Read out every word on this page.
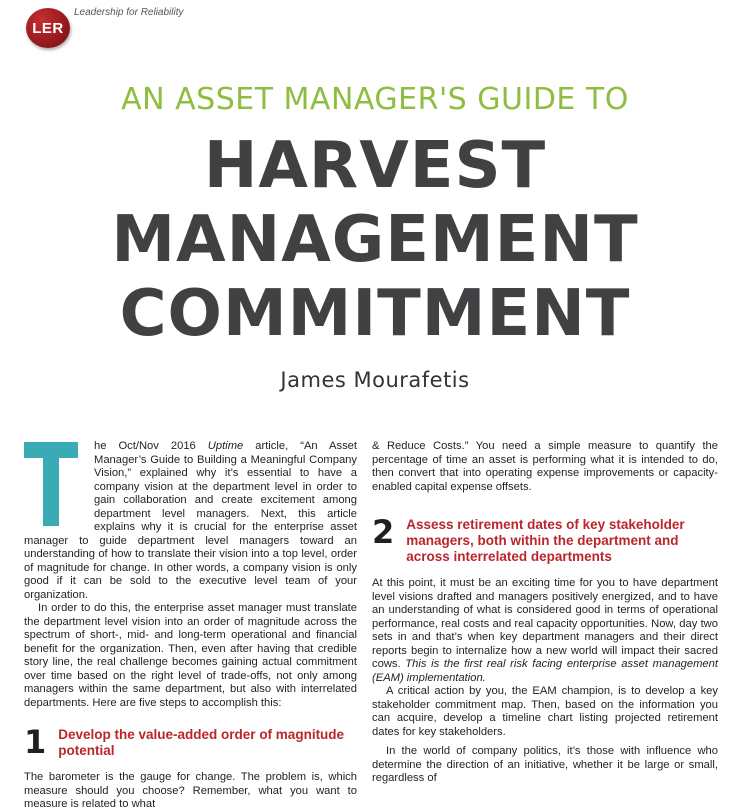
LER
Leadership for Reliability
AN ASSET MANAGER'S GUIDE TO
HARVEST
MANAGEMENT
COMMITMENT
James Mourafetis

he Oct/Nov 2016 Uptime article, “An Asset Manager’s Guide to Building a Meaningful Company Vision,” explained why it’s essential to have a company vision at the department level in order to gain collaboration and create excitement among department level managers. Next, this article explains why it is crucial for the enterprise asset manager to guide department level managers toward an understanding of how to translate their vision into a top level, order of magnitude for change. In other words, a company vision is only good if it can be sold to the executive level team of your organization.

In order to do this, the enterprise asset manager must translate the department level vision into an order of magnitude across the spectrum of short-, mid- and long-term operational and financial benefit for the organization. Then, even after having that credible story line, the real challenge becomes gaining actual commitment over time based on the right level of trade-offs, not only among managers within the same department, but also with interrelated departments. Here are five steps to accomplish this:

1 Develop the value-added order of magnitude potential

The barometer is the gauge for change. The problem is, which measure should you choose? Remember, what you want to measure is related to what

& Reduce Costs.” You need a simple measure to quantify the percentage of time an asset is performing what it is intended to do, then convert that into operating expense improvements or capacity-enabled capital expense offsets.

2 Assess retirement dates of key stakeholder managers, both within the department and across interrelated departments

At this point, it must be an exciting time for you to have department level visions drafted and managers positively energized, and to have an understanding of what is considered good in terms of operational performance, real costs and real capacity opportunities. Now, day two sets in and that’s when key department managers and their direct reports begin to internalize how a new world will impact their sacred cows. This is the first real risk facing enterprise asset management (EAM) implementation.

A critical action by you, the EAM champion, is to develop a key stakeholder commitment map. Then, based on the information you can acquire, develop a timeline chart listing projected retirement dates for key stakeholders.

In the world of company politics, it’s those with influence who determine the direction of an initiative, whether it be large or small, regardless of
